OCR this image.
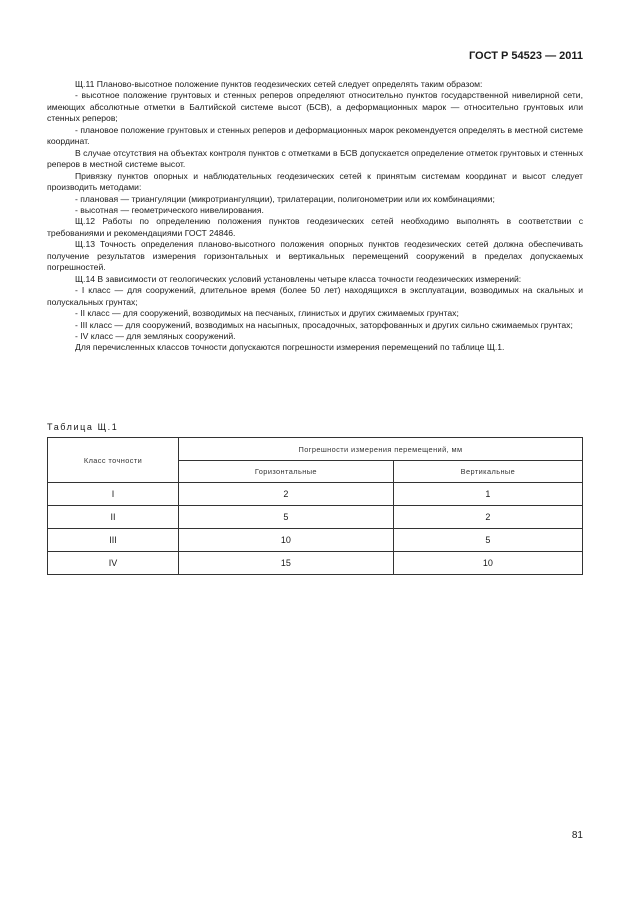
ГОСТ Р 54523 — 2011

Щ.11 Планово-высотное положение пунктов геодезических сетей следует определять таким образом:

- высотное положение грунтовых и стенных реперов определяют относительно пунктов государственной нивелирной сети, имеющих абсолютные отметки в Балтийской системе высот (БСВ), а деформационных марок — относительно грунтовых или стенных реперов;

- плановое положение грунтовых и стенных реперов и деформационных марок рекомендуется определять в местной системе координат.

В случае отсутствия на объектах контроля пунктов с отметками в БСВ допускается определение отметок грунтовых и стенных реперов в местной системе высот.

Привязку пунктов опорных и наблюдательных геодезических сетей к принятым системам координат и высот следует производить методами:

- плановая — триангуляции (микротриангуляции), трилатерации, полигонометрии или их комбинациями;

- высотная — геометрического нивелирования.

Щ.12 Работы по определению положения пунктов геодезических сетей необходимо выполнять в соответствии с требованиями и рекомендациями ГОСТ 24846.

Щ.13 Точность определения планово-высотного положения опорных пунктов геодезических сетей должна обеспечивать получение результатов измерения горизонтальных и вертикальных перемещений сооружений в пределах допускаемых погрешностей.

Щ.14 В зависимости от геологических условий установлены четыре класса точности геодезических измерений:

- I класс — для сооружений, длительное время (более 50 лет) находящихся в эксплуатации, возводимых на скальных и полускальных грунтах;

- II класс — для сооружений, возводимых на песчаных, глинистых и других сжимаемых грунтах;

- III класс — для сооружений, возводимых на насыпных, просадочных, заторфованных и других сильно сжимаемых грунтах;

- IV класс — для земляных сооружений.

Для перечисленных классов точности допускаются погрешности измерения перемещений по таблице Щ.1.

Таблица Щ.1
Класс точности	Погрешности измерения перемещений, мм	
	Горизонтальные	Вертикальные
I	2	1
II	5	2
III	10	5
IV	15	10
81
